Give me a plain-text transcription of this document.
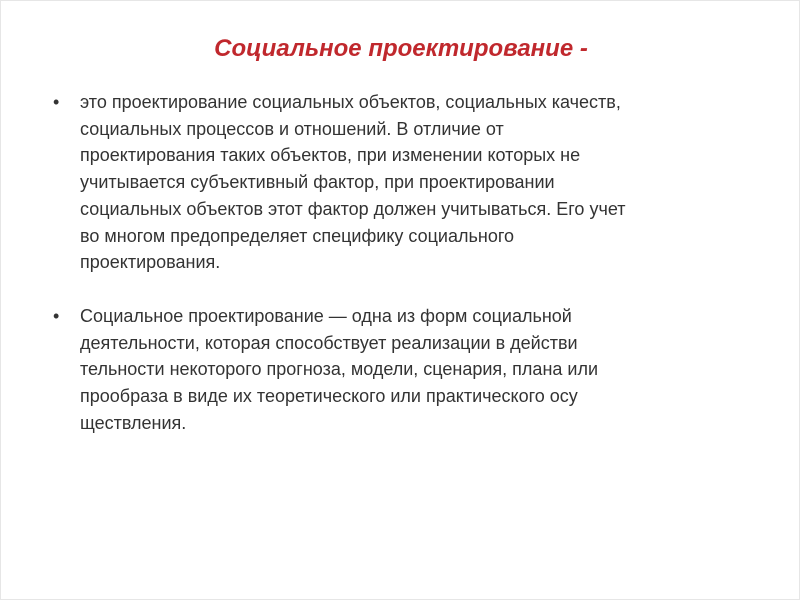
Социальное проектирование -
• это проектирование социальных объектов, социальных качеств,
социальных процессов и отношений. В отличие от
проектирования таких объектов, при изменении которых не
учитывается субъективный фактор, при проектировании
социальных объектов этот фактор должен учитываться. Его учет
во многом предопределяет специфику социального
проектирования.
• Социальное проектирование — одна из форм социальной
деятельности, которая способствует реализации в действи
тельности некоторого прогноза, модели, сценария, плана или
прообраза в виде их теоретического или практического осу
ществления.
